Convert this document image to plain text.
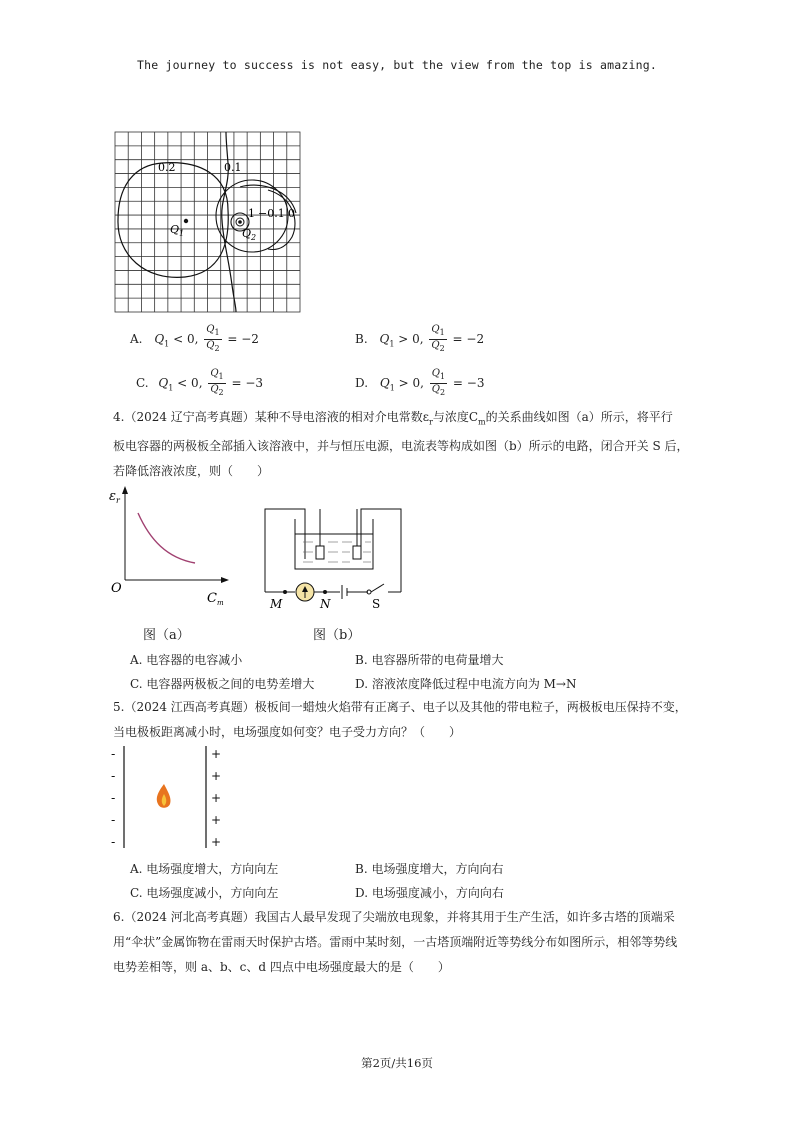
The journey to success is not easy, but the view from the top is amazing.
0.2	0.1
1 −0.1 0
$Q_1$	$Q_2$
A. $Q_1 < 0$, $\frac{Q_1}{Q_2} = -2$	B. $Q_1 > 0$, $\frac{Q_1}{Q_2} = -2$
C. $Q_1 < 0$, $\frac{Q_1}{Q_2} = -3$	D. $Q_1 > 0$, $\frac{Q_1}{Q_2} = -3$
4.（2024 辽宁高考真题）某种不导电溶液的相对介电常数$\varepsilon_r$与浓度$C_m$的关系曲线如图（a）所示，将平行
板电容器的两极板全部插入该溶液中，并与恒压电源，电流表等构成如图（b）所示的电路，闭合开关 S 后，
若降低溶液浓度，则（　　）
$\varepsilon_r$
O
$C_m$
图（a）
M	N	S
图（b）
A. 电容器的电容减小	B. 电容器所带的电荷量增大
C. 电容器两极板之间的电势差增大	D. 溶液浓度降低过程中电流方向为 M→N
5.（2024 江西高考真题）极板间一蜡烛火焰带有正离子、电子以及其他的带电粒子，两极板电压保持不变，
当电极板距离减小时，电场强度如何变？电子受力方向？（　　）
-
-
-
-
-
+
+
+
+
+
A. 电场强度增大，方向向左	B. 电场强度增大，方向向右
C. 电场强度减小，方向向左	D. 电场强度减小，方向向右
6.（2024 河北高考真题）我国古人最早发现了尖端放电现象，并将其用于生产生活，如许多古塔的顶端采
用“伞状”金属饰物在雷雨天时保护古塔。雷雨中某时刻，一古塔顶端附近等势线分布如图所示，相邻等势线
电势差相等，则 a、b、c、d 四点中电场强度最大的是（　　）
第2页/共16页
